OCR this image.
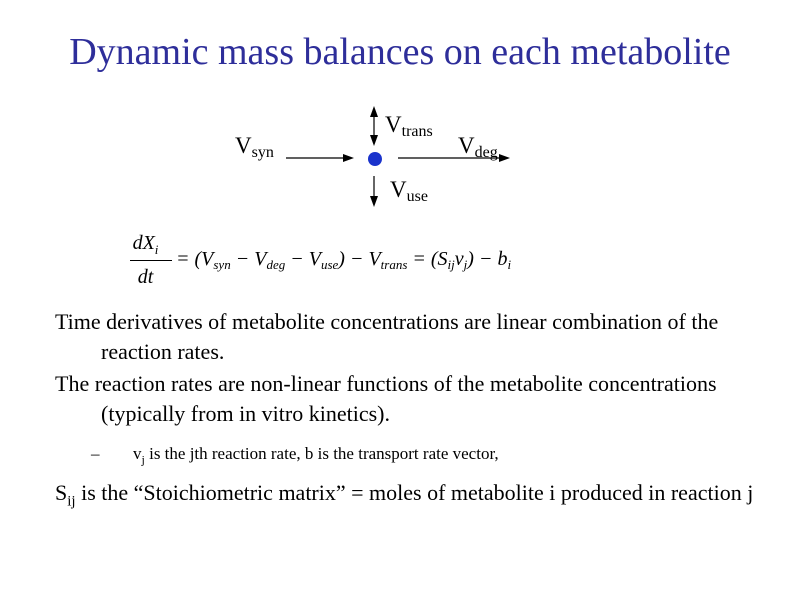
Dynamic mass balances on each metabolite
$V_{syn}$
$V_{trans}$
$V_{deg}$
$V_{use}$
$dX_i$
dt
= $(V_{syn} - V_{deg} - V_{use}) - V_{trans} = (S_{ij}v_j) - b_i$

Time derivatives of metabolite concentrations are linear combination of the reaction rates.

The reaction rates are non-linear functions of the metabolite concentrations (typically from in vitro kinetics).

– $v_j$ is the jth reaction rate, b is the transport rate vector,

$S_{ij}$ is the “Stoichiometric matrix” = moles of metabolite i produced in reaction j
